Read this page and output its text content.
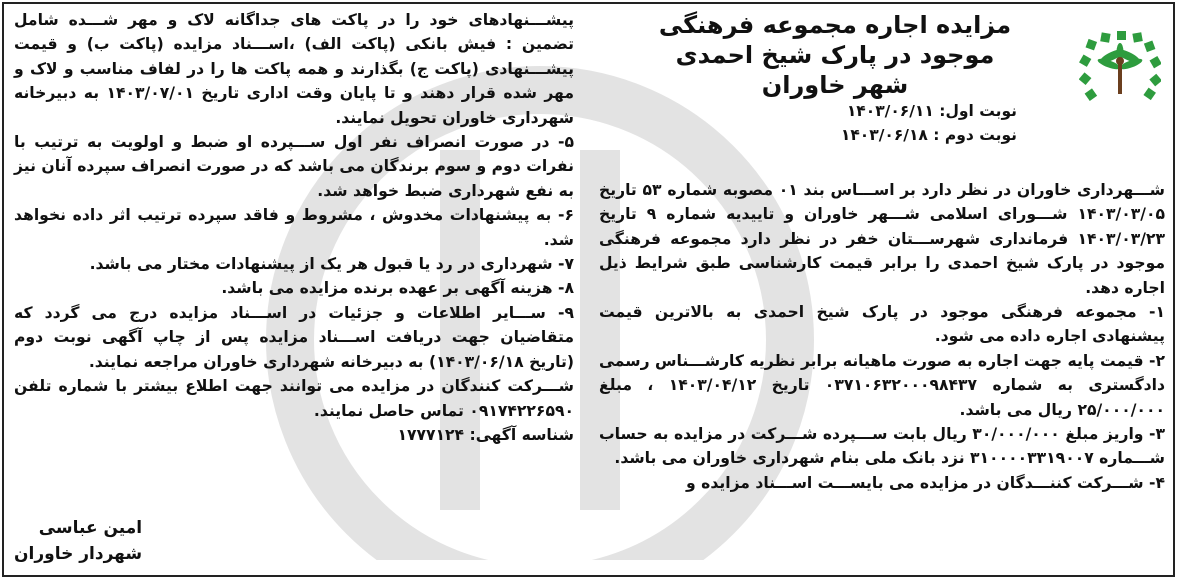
مزایده اجاره مجموعه فرهنگی
موجود در پارک شیخ احمدی
شهر خاوران
نوبت اول: ۱۴۰۳/۰۶/۱۱
نوبت دوم : ۱۴۰۳/۰۶/۱۸

شـــهرداری خاوران در نظر دارد بر اســـاس بند ۰۱ مصوبه شماره ۵۳ تاریخ ۱۴۰۳/۰۳/۰۵ شـــورای اسلامی شـــهر خاوران و تاییدیه شماره ۹ تاریخ ۱۴۰۳/۰۳/۲۳ فرمانداری شهرســـتان خفر در نظر دارد مجموعه فرهنگی موجود در پارک شیخ احمدی را برابر قیمت کارشناسی طبق شرایط ذیل اجاره دهد.

۱- مجموعه فرهنگی موجود در پارک شیخ احمدی به بالاترین قیمت پیشنهادی اجاره داده می شود.

۲- قیمت پایه جهت اجاره به صورت ماهیانه برابر نظریه کارشـــناس رسمی دادگستری به شماره ۰۳۷۱۰۶۳۲۰۰۰۹۸۴۳۷ تاریخ ۱۴۰۳/۰۴/۱۲ ، مبلغ ۲۵/۰۰۰/۰۰۰ ریال می باشد.

۳- واریز مبلغ ۳۰/۰۰۰/۰۰۰ ریال بابت ســـپرده شـــرکت در مزایده به حساب شـــماره ۳۱۰۰۰۰۳۳۱۹۰۰۷ نزد بانک ملی بنام شهرداری خاوران می باشد.

۴- شـــرکت کننـــدگان در مزایده می بایســـت اســـناد مزایده و

پیشـــنهادهای خود را در پاکت های جداگانه لاک و مهر شـــده شامل تضمین : فیش بانکی (پاکت الف) ،اســـناد مزایده (پاکت ب) و قیمت پیشـــنهادی (پاکت ج) بگذارند و همه پاکت ها را در لفاف مناسب و لاک و مهر شده قرار دهند و تا پایان وقت اداری تاریخ ۱۴۰۳/۰۷/۰۱ به دبیرخانه شهرداری خاوران تحویل نمایند.

۵- در صورت انصراف نفر اول ســـپرده او ضبط و اولویت به ترتیب با نفرات دوم و سوم برندگان می باشد که در صورت انصراف سپرده آنان نیز به نفع شهرداری ضبط خواهد شد.

۶- به پیشنهادات مخدوش ، مشروط و فاقد سپرده ترتیب اثر داده نخواهد شد.

۷- شهرداری در رد یا قبول هر یک از پیشنهادات مختار می باشد.

۸- هزینه آگهی بر عهده برنده مزایده می باشد.

۹- ســـایر اطلاعات و جزئیات در اســـناد مزایده درج می گردد که متقاضیان جهت دریافت اســـناد مزایده پس از چاپ آگهی نوبت دوم (تاریخ ۱۴۰۳/۰۶/۱۸) به دبیرخانه شهرداری خاوران مراجعه نمایند.

شـــرکت کنندگان در مزایده می توانند جهت اطلاع بیشتر با شماره تلفن ۰۹۱۷۴۲۲۶۵۹۰ تماس حاصل نمایند.

شناسه آگهی: ۱۷۷۷۱۲۴

امین عباسی
شهردار خاوران
